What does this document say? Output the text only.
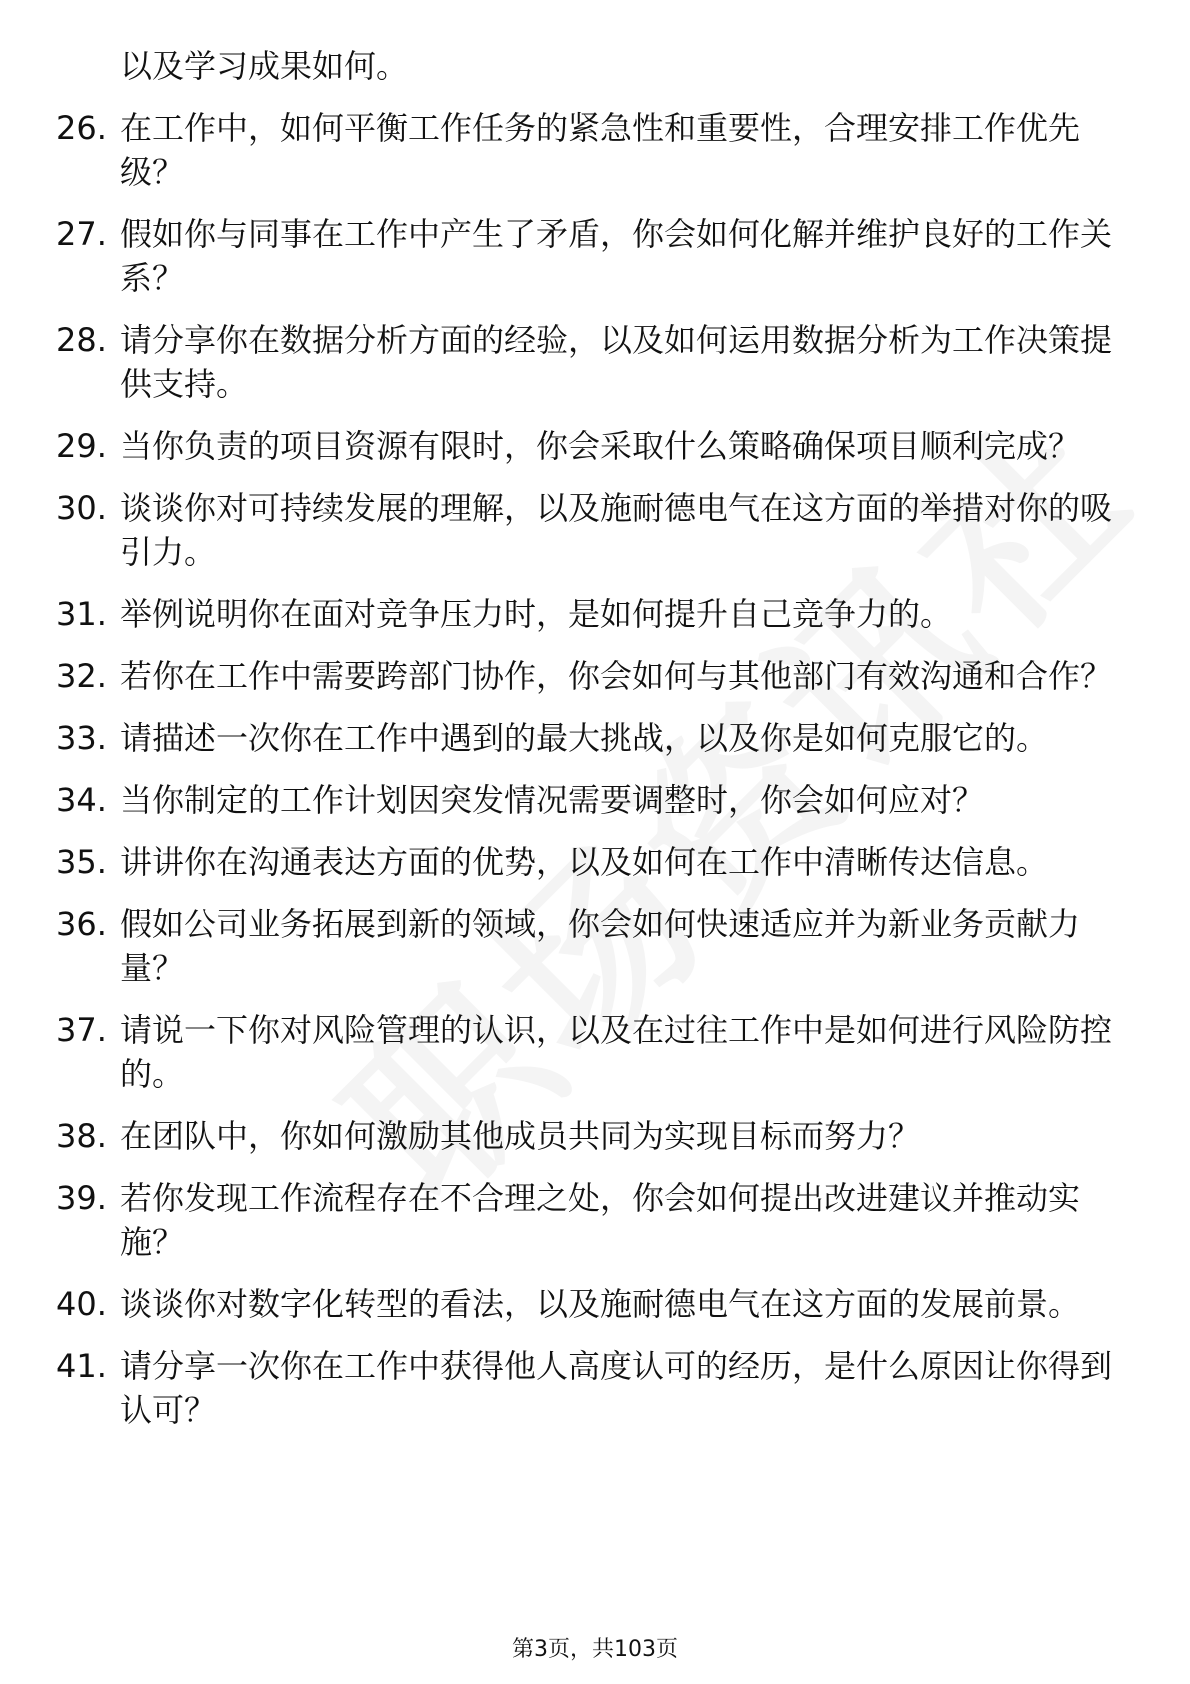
以及学习成果如何。
26. 在工作中，如何平衡工作任务的紧急性和重要性，合理安排工作优先级？
27. 假如你与同事在工作中产生了矛盾，你会如何化解并维护良好的工作关系？
28. 请分享你在数据分析方面的经验，以及如何运用数据分析为工作决策提供支持。
29. 当你负责的项目资源有限时，你会采取什么策略确保项目顺利完成？
30. 谈谈你对可持续发展的理解，以及施耐德电气在这方面的举措对你的吸引力。
31. 举例说明你在面对竞争压力时，是如何提升自己竞争力的。
32. 若你在工作中需要跨部门协作，你会如何与其他部门有效沟通和合作？
33. 请描述一次你在工作中遇到的最大挑战，以及你是如何克服它的。
34. 当你制定的工作计划因突发情况需要调整时，你会如何应对？
35. 讲讲你在沟通表达方面的优势，以及如何在工作中清晰传达信息。
36. 假如公司业务拓展到新的领域，你会如何快速适应并为新业务贡献力量？
37. 请说一下你对风险管理的认识，以及在过往工作中是如何进行风险防控的。
38. 在团队中，你如何激励其他成员共同为实现目标而努力？
39. 若你发现工作流程存在不合理之处，你会如何提出改进建议并推动实施？
40. 谈谈你对数字化转型的看法，以及施耐德电气在这方面的发展前景。
41. 请分享一次你在工作中获得他人高度认可的经历，是什么原因让你得到认可？
第3页，共103页
